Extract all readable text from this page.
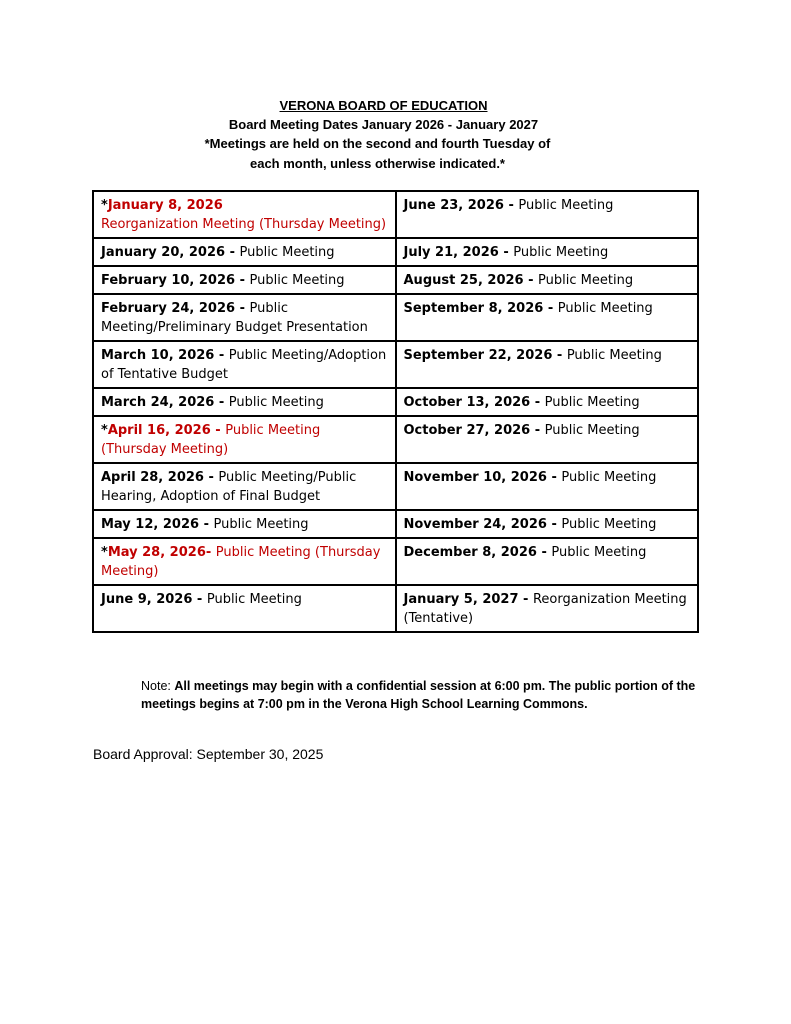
VERONA BOARD OF EDUCATION
Board Meeting Dates January 2026 - January 2027
*Meetings are held on the second and fourth Tuesday of
each month, unless otherwise indicated.*
*January 8, 2026
Reorganization Meeting (Thursday Meeting)	June 23, 2026 - Public Meeting
January 20, 2026 - Public Meeting	July 21, 2026 - Public Meeting
February 10, 2026 - Public Meeting	August 25, 2026 - Public Meeting
February 24, 2026 - Public Meeting/Preliminary Budget Presentation	September 8, 2026 - Public Meeting
March 10, 2026 - Public Meeting/Adoption of Tentative Budget	September 22, 2026 - Public Meeting
March 24, 2026 - Public Meeting	October 13, 2026 - Public Meeting
*April 16, 2026 - Public Meeting (Thursday Meeting)	October 27, 2026 - Public Meeting
April 28, 2026 - Public Meeting/Public Hearing, Adoption of Final Budget	November 10, 2026 - Public Meeting
May 12, 2026 - Public Meeting	November 24, 2026 - Public Meeting
*May 28, 2026- Public Meeting (Thursday Meeting)	December 8, 2026 - Public Meeting
June 9, 2026 - Public Meeting	January 5, 2027 - Reorganization Meeting (Tentative)
Note: All meetings may begin with a confidential session at 6:00 pm. The public portion of the meetings begins at 7:00 pm in the Verona High School Learning Commons.
Board Approval: September 30, 2025
